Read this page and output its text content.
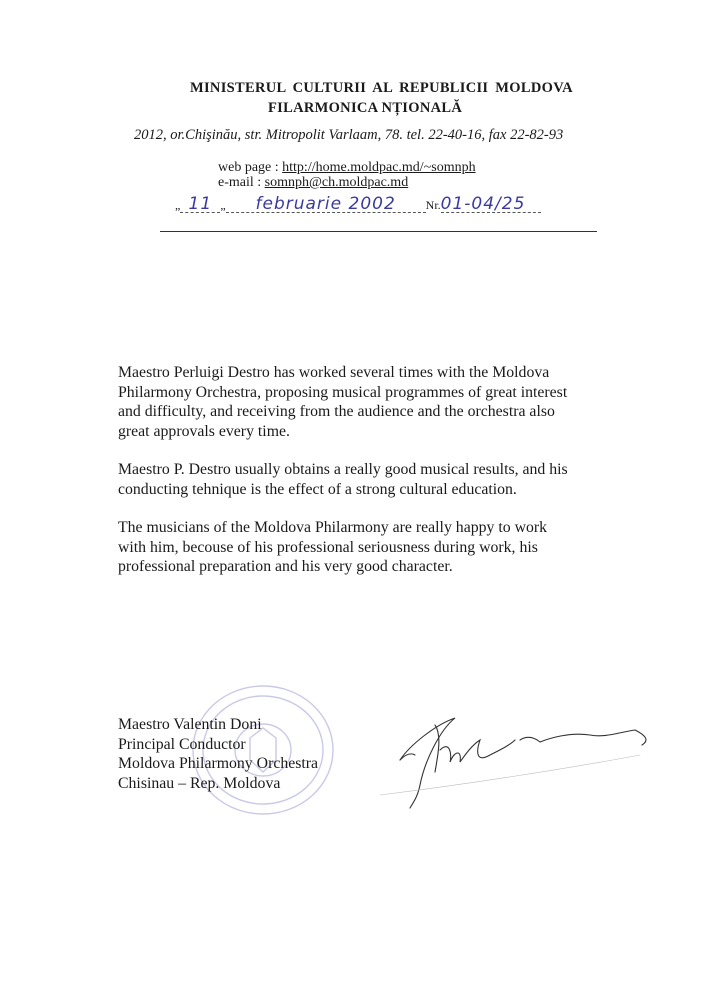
MINISTERUL CULTURII AL REPUBLICII MOLDOVA
FILARMONICA NȚIONALĂ
2012, or.Chişinău, str. Mitropolit Varlaam, 78. tel. 22-40-16, fax 22-82-93
web page : http://home.moldpac.md/~somnph
e-mail : somnph@ch.moldpac.md
„ 11 „ februarie 2002 Nr.01-04/25
Maestro Perluigi Destro has worked several times with the Moldova Philarmony Orchestra, proposing musical programmes of great interest and difficulty, and receiving from the audience and the orchestra also great approvals every time.
Maestro P. Destro usually obtains a really good musical results, and his conducting tehnique is the effect of a strong cultural education.
The musicians of the Moldova Philarmony are really happy to work with him, becouse of his professional seriousness during work, his professional preparation and his very good character.
Maestro Valentin Doni
Principal Conductor
Moldova Philarmony Orchestra
Chisinau – Rep. Moldova
